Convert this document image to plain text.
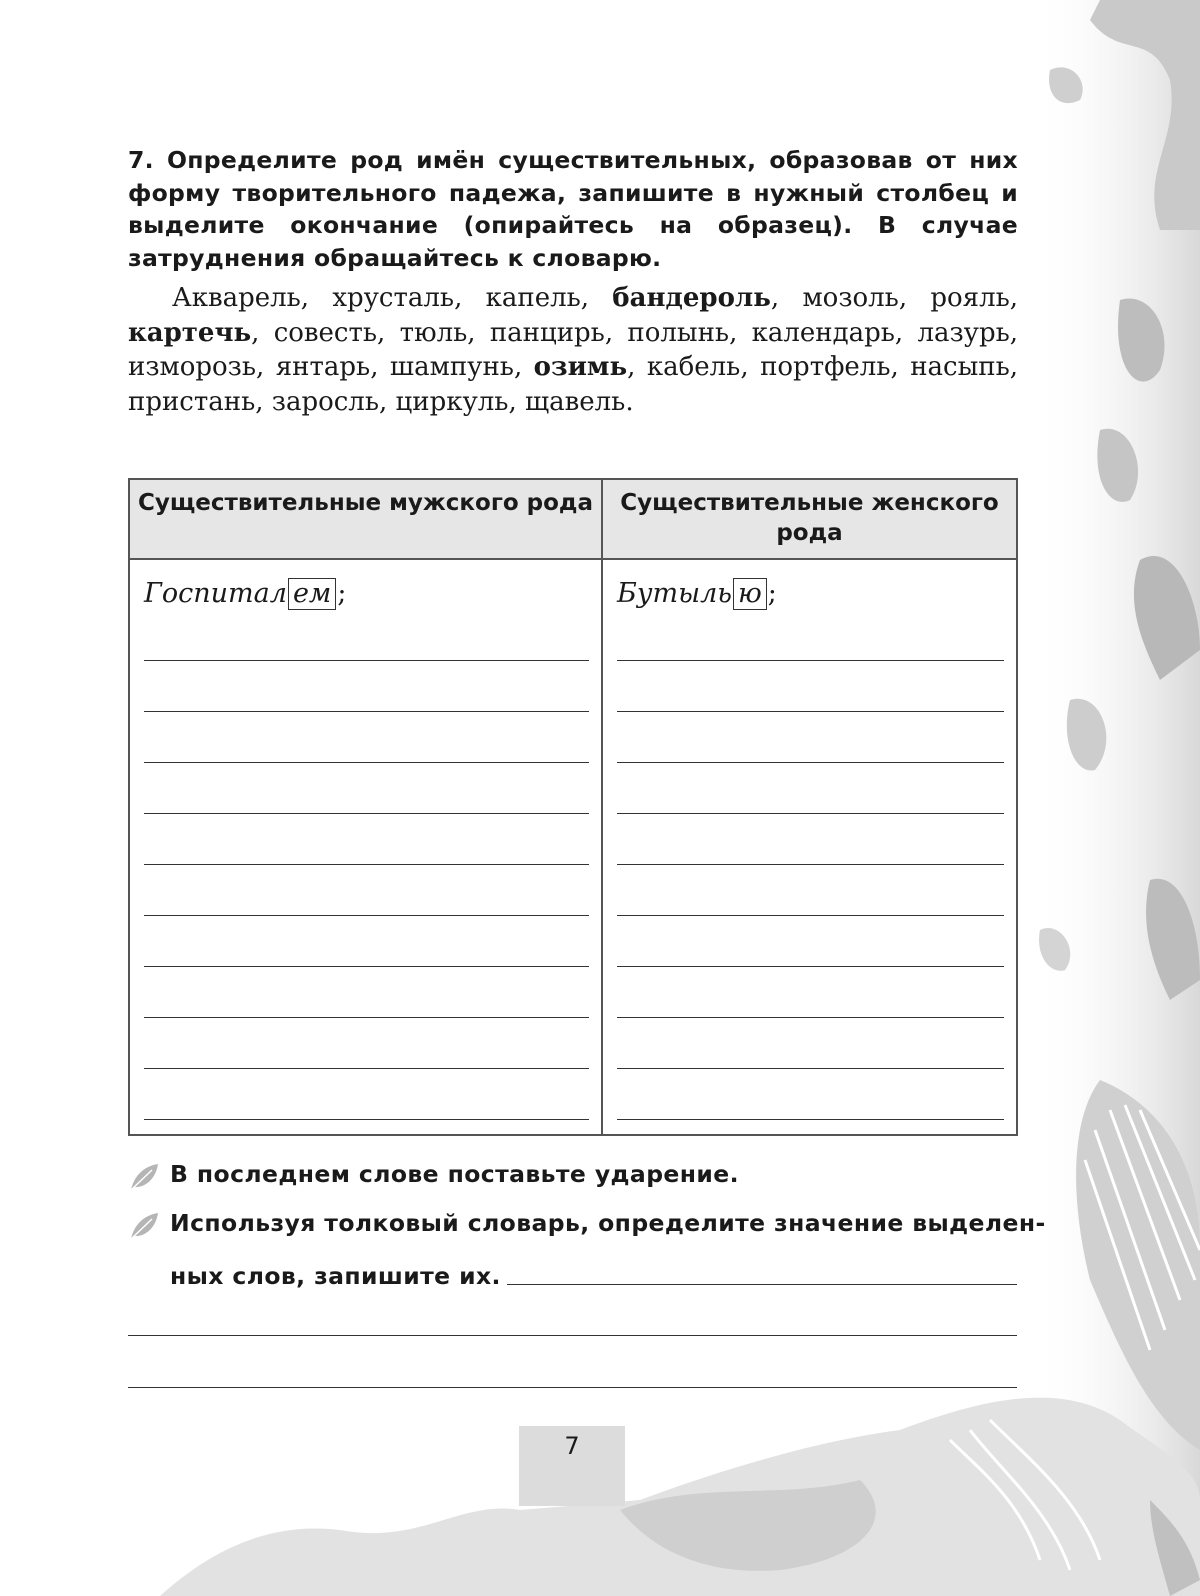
7. Определите род имён существительных, образовав от них форму творительного падежа, запишите в нужный столбец и выделите окончание (опирайтесь на образец). В случае затруднения обращайтесь к словарю.
Акварель, хрусталь, капель, бандероль, мозоль, рояль, картечь, совесть, тюль, панцирь, полынь, календарь, лазурь, изморозь, янтарь, шампунь, озимь, кабель, портфель, насыпь, пристань, заросль, циркуль, щавель.
Существительные мужского рода	Существительные женского рода
Госпитал ем ;	Бутыль ю ;
В последнем слове поставьте ударение.
Используя толковый словарь, определите значение выделен-
ных слов, запишите их.
7
